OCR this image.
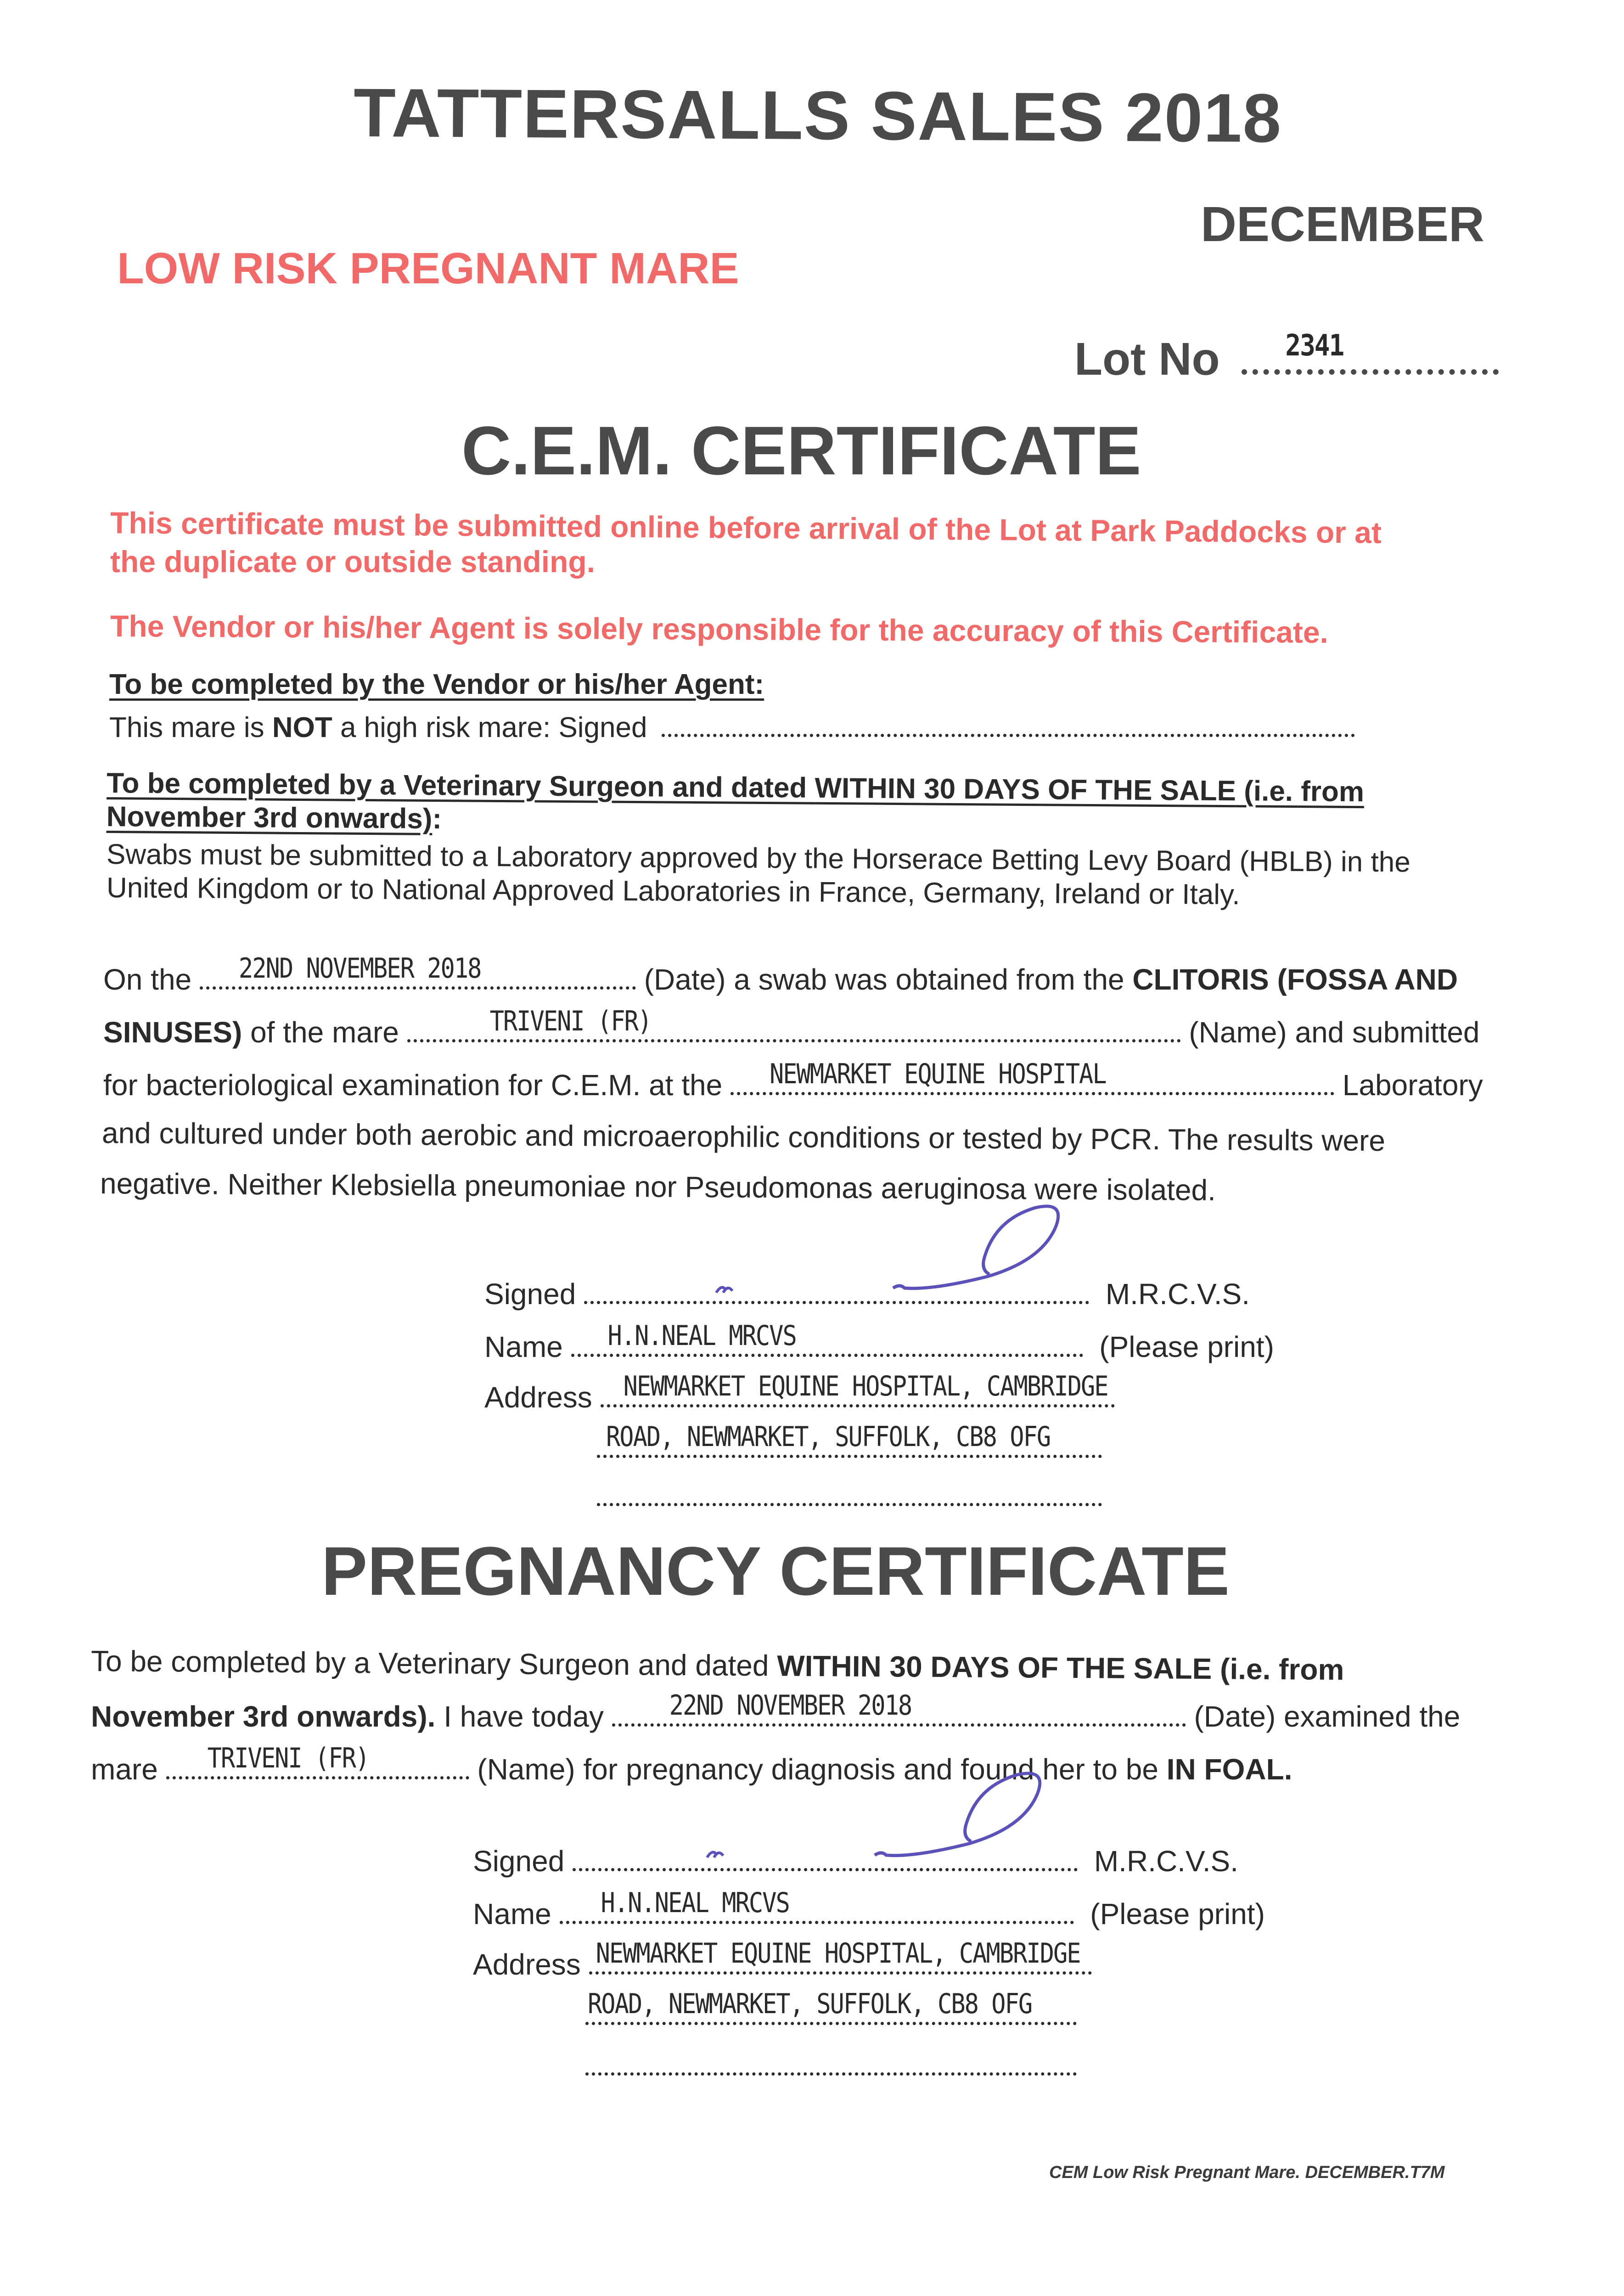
TATTERSALLS SALES 2018
DECEMBER
LOW RISK PREGNANT MARE
Lot No	2341
C.E.M. CERTIFICATE
This certificate must be submitted online before arrival of the Lot at Park Paddocks or at
the duplicate or outside standing.
The Vendor or his/her Agent is solely responsible for the accuracy of this Certificate.
To be completed by the Vendor or his/her Agent:
This mare is NOT a high risk mare: Signed
To be completed by a Veterinary Surgeon and dated WITHIN 30 DAYS OF THE SALE (i.e. from
November 3rd onwards):
Swabs must be submitted to a Laboratory approved by the Horserace Betting Levy Board (HBLB) in the
United Kingdom or to National Approved Laboratories in France, Germany, Ireland or Italy.
On the 22ND NOVEMBER 2018	(Date) a swab was obtained from the CLITORIS (FOSSA AND
SINUSES) of the mare	TRIVENI (FR)	(Name) and submitted
for bacteriological examination for C.E.M. at the NEWMARKET EQUINE HOSPITAL	Laboratory
and cultured under both aerobic and microaerophilic conditions or tested by PCR. The results were
negative. Neither Klebsiella pneumoniae nor Pseudomonas aeruginosa were isolated.
Signed	M.R.C.V.S.
Name H.N.NEAL MRCVS	(Please print)
Address NEWMARKET EQUINE HOSPITAL, CAMBRIDGE
ROAD, NEWMARKET, SUFFOLK, CB8 OFG
PREGNANCY CERTIFICATE
To be completed by a Veterinary Surgeon and dated WITHIN 30 DAYS OF THE SALE (i.e. from
November 3rd onwards). I have today	22ND NOVEMBER 2018	(Date) examined the
mare TRIVENI (FR)	(Name) for pregnancy diagnosis and found her to be IN FOAL.
Signed	M.R.C.V.S.
Name H.N.NEAL MRCVS	(Please print)
Address NEWMARKET EQUINE HOSPITAL, CAMBRIDGE
ROAD, NEWMARKET, SUFFOLK, CB8 OFG
CEM Low Risk Pregnant Mare. DECEMBER.T7M
